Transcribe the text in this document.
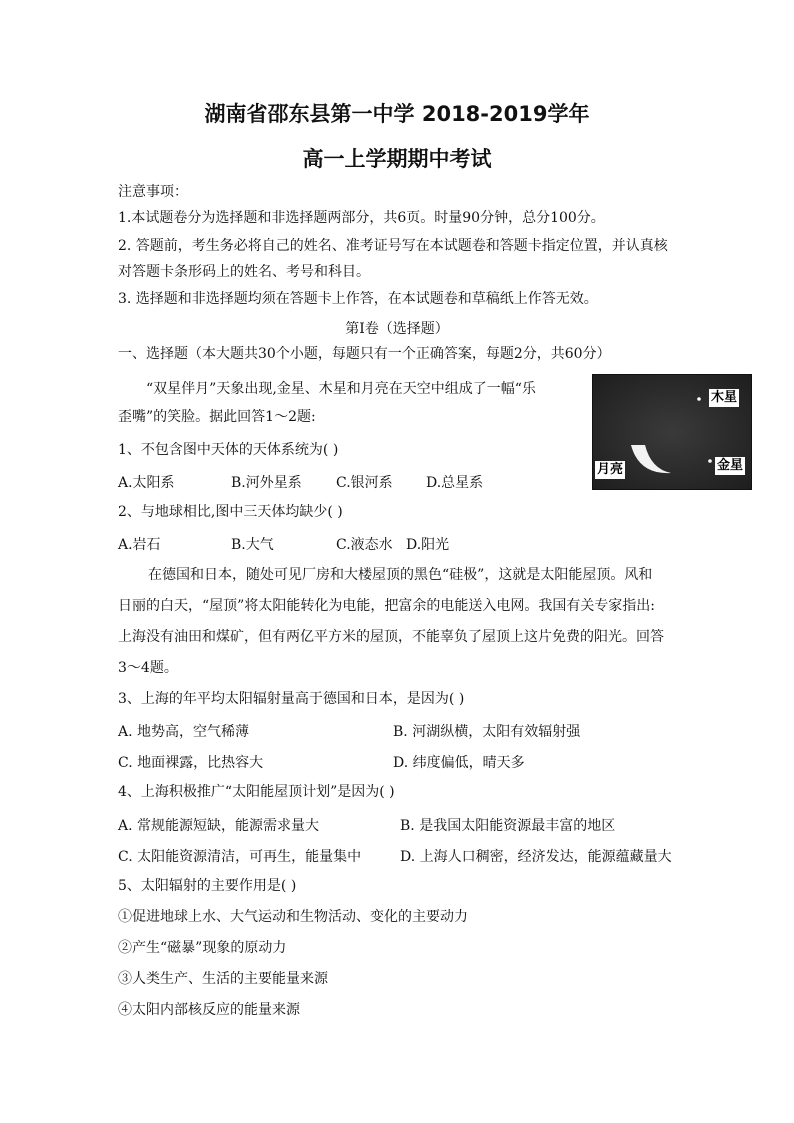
湖南省邵东县第一中学 2018-2019学年
高一上学期期中考试
注意事项：
1.本试题卷分为选择题和非选择题两部分，共6页。时量90分钟，总分100分。
2. 答题前，考生务必将自己的姓名、准考证号写在本试题卷和答题卡指定位置，并认真核
对答题卡条形码上的姓名、考号和科目。
3. 选择题和非选择题均须在答题卡上作答，在本试题卷和草稿纸上作答无效。
第Ⅰ卷（选择题）
一、选择题（本大题共30个小题，每题只有一个正确答案，每题2分，共60分）
“双星伴月”天象出现,金星、木星和月亮在天空中组成了一幅“乐
歪嘴”的笑脸。据此回答1～2题:
木星
金星
月亮
1、不包含图中天体的天体系统为( )
A.太阳系	B.河外星系 C.银河系 D.总星系
2、与地球相比,图中三天体均缺少( )
A.岩石	B.大气	C.液态水 D.阳光
在德国和日本，随处可见厂房和大楼屋顶的黑色“硅极”，这就是太阳能屋顶。风和
日丽的白天，“屋顶”将太阳能转化为电能，把富余的电能送入电网。我国有关专家指出:
上海没有油田和煤矿，但有两亿平方米的屋顶，不能辜负了屋顶上这片免费的阳光。回答
3～4题。
3、上海的年平均太阳辐射量高于德国和日本，是因为( )
A. 地势高，空气稀薄	B. 河湖纵横，太阳有效辐射强
C. 地面裸露，比热容大	D. 纬度偏低，晴天多
4、上海积极推广“太阳能屋顶计划”是因为( )
A. 常规能源短缺，能源需求量大	B. 是我国太阳能资源最丰富的地区
C. 太阳能资源清洁，可再生，能量集中	D. 上海人口稠密，经济发达，能源蕴藏量大
5、太阳辐射的主要作用是( )
①促进地球上水、大气运动和生物活动、变化的主要动力
②产生“磁暴”现象的原动力
③人类生产、生活的主要能量来源
④太阳内部核反应的能量来源
